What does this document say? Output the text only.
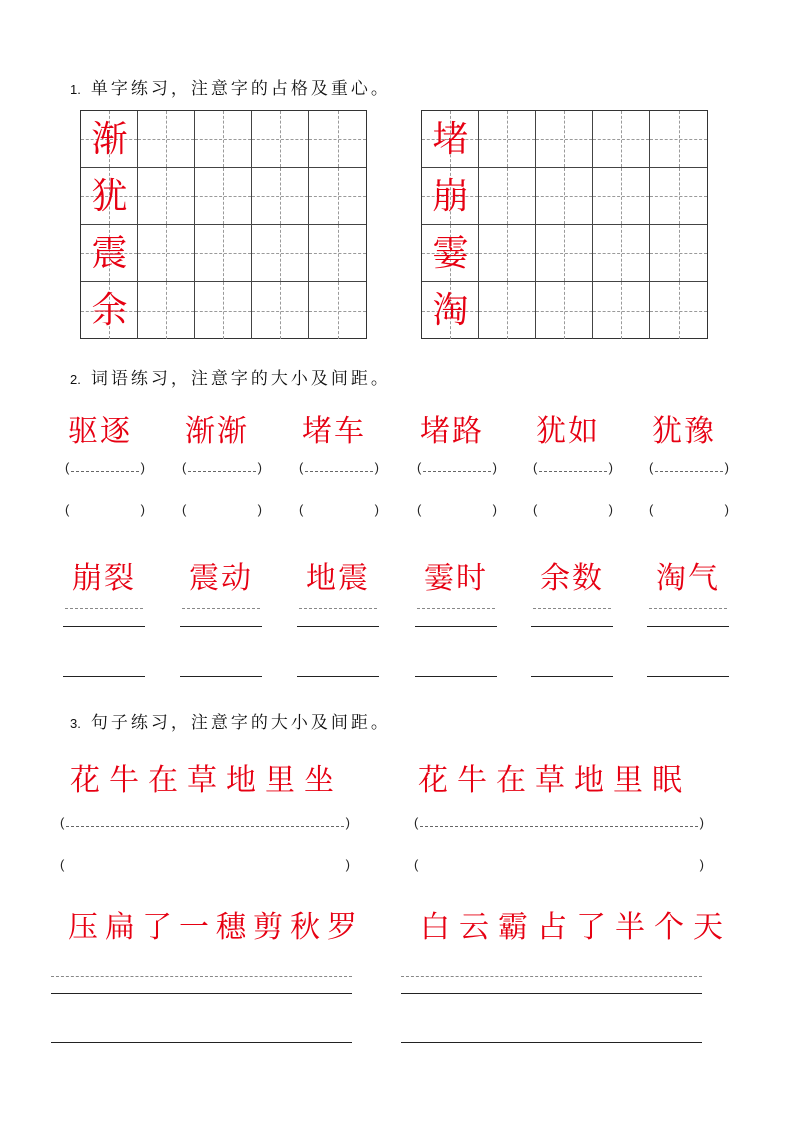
1. 单字练习，注意字的占格及重心。
渐
犹
震
余
堵
崩
霎
淘
2. 词语练习，注意字的大小及间距。
3. 句子练习，注意字的大小及间距。
花牛在草地里坐	花牛在草地里眠
(	)	(	)
(	)	(	)
压扁了一穗剪秋罗 白云霸占了半个天
驱逐
(	)
(	)
崩裂
渐渐
(	)
(	)
震动
堵车
(	)
(	)
地震
堵路
(	)
(	)
霎时
犹如
(	)
(	)
余数
犹豫
(	)
(	)
淘气
